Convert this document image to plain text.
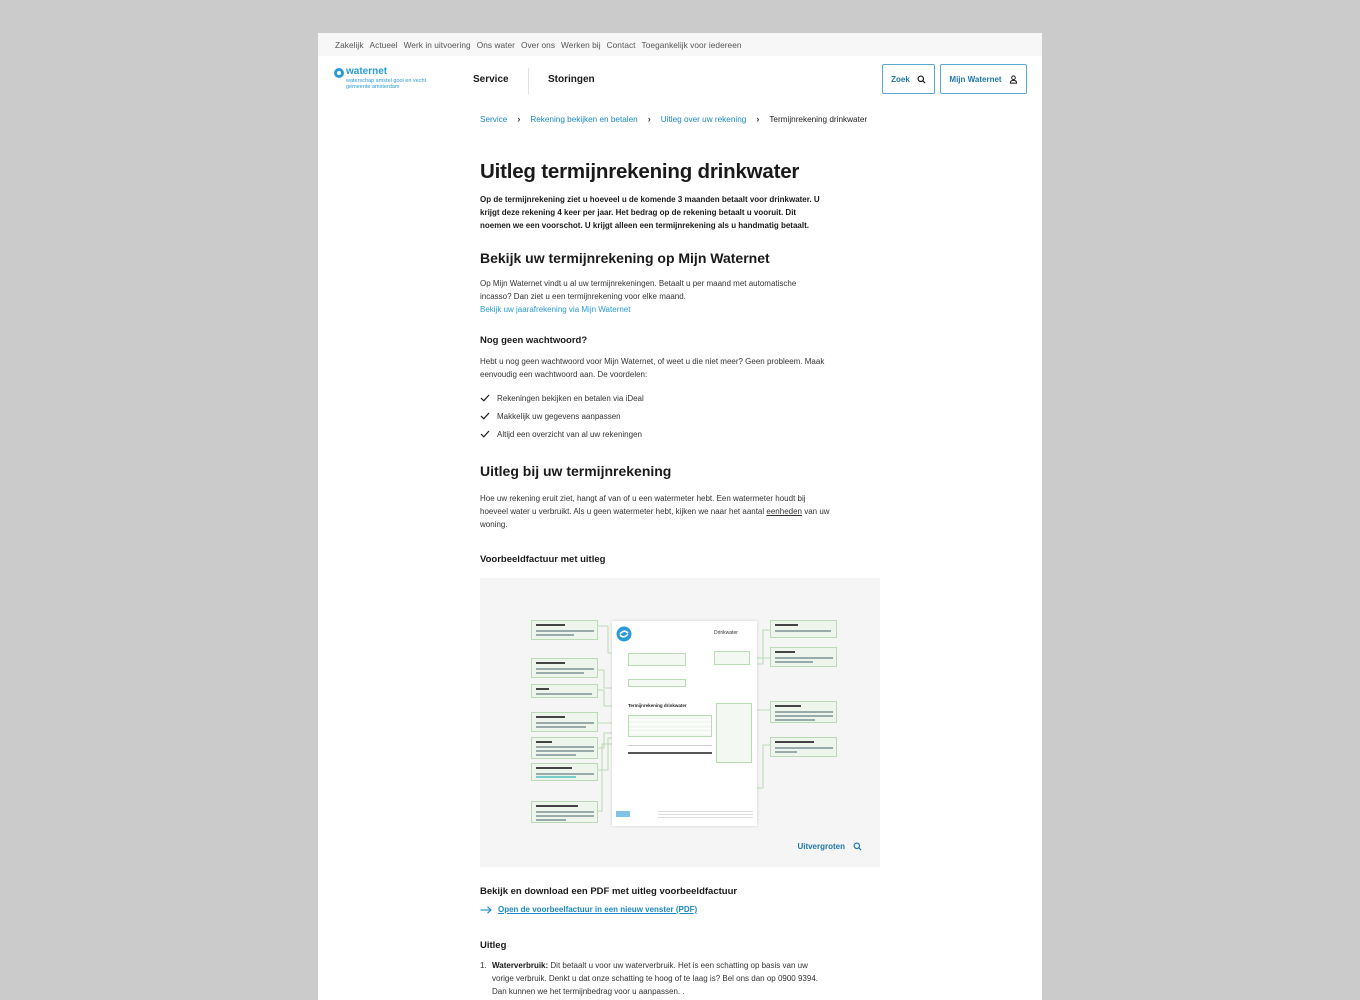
Zakelijk Actueel Werk in uitvoering Ons water Over ons Werken bij Contact Toegankelijk voor iedereen
waternet
waterschap amstel gooi en vecht
gemeente amsterdam
Service	Storingen	Zoek	Mijn Waternet
Service › Rekening bekijken en betalen › Uitleg over uw rekening › Termijnrekening drinkwater
Uitleg termijnrekening drinkwater

Op de termijnrekening ziet u hoeveel u de komende 3 maanden betaalt voor drinkwater. U krijgt deze rekening 4 keer per jaar. Het bedrag op de rekening betaalt u vooruit. Dit noemen we een voorschot. U krijgt alleen een termijnrekening als u handmatig betaalt.

Bekijk uw termijnrekening op Mijn Waternet

Op Mijn Waternet vindt u al uw termijnrekeningen. Betaalt u per maand met automatische incasso? Dan ziet u een termijnrekening voor elke maand.
Bekijk uw jaarafrekening via Mijn Waternet

Nog geen wachtwoord?

Hebt u nog geen wachtwoord voor Mijn Waternet, of weet u die niet meer? Geen probleem. Maak eenvoudig een wachtwoord aan. De voordelen:

Rekeningen bekijken en betalen via iDeal
Makkelijk uw gegevens aanpassen
Altijd een overzicht van al uw rekeningen
Uitleg bij uw termijnrekening

Hoe uw rekening eruit ziet, hangt af van of u een watermeter hebt. Een watermeter houdt bij hoeveel water u verbruikt. Als u geen watermeter hebt, kijken we naar het aantal eenheden van uw woning.

Voorbeeldfactuur met uitleg
Bekijk en download een PDF met uitleg voorbeeldfactuur
Open de voorbeelfactuur in een nieuw venster (PDF)
Uitleg
1. Waterverbruik: Dit betaalt u voor uw waterverbruik. Het is een schatting op basis van uw vorige verbruik. Denkt u dat onze schatting te hoog of te laag is? Bel ons dan op 0900 9394. Dan kunnen we het termijnbedrag voor u aanpassen. .
Drinkwater
Termijnrekening drinkwater
Uitvergroten
